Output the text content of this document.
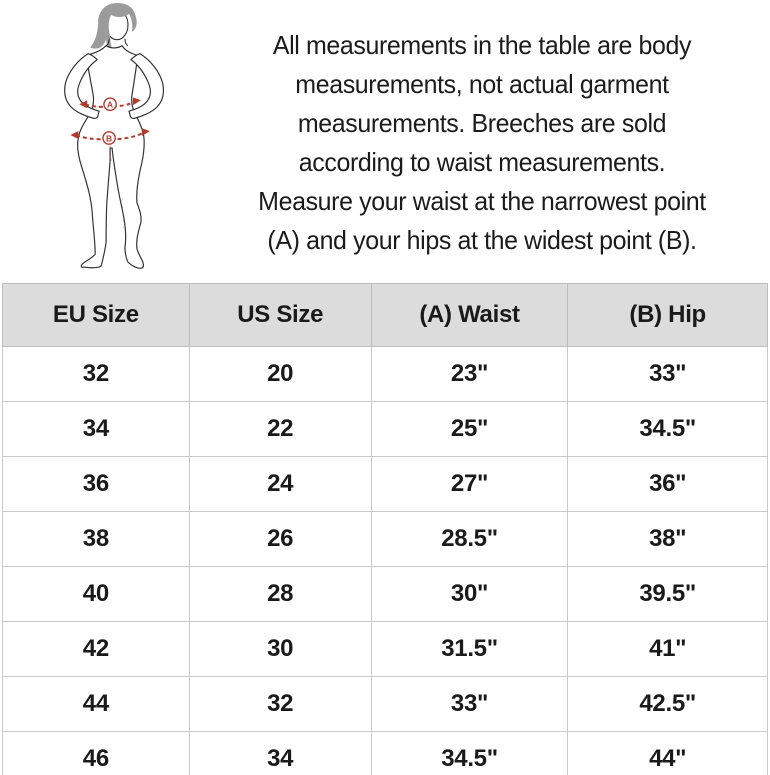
A
B
All measurements in the table are body
measurements, not actual garment
measurements. Breeches are sold
according to waist measurements.
Measure your waist at the narrowest point
(A) and your hips at the widest point (B).
EU Size	US Size	(A) Waist	(B) Hip
32	20	23"	33"
34	22	25"	34.5"
36	24	27"	36"
38	26	28.5"	38"
40	28	30"	39.5"
42	30	31.5"	41"
44	32	33"	42.5"
46	34	34.5"	44"
